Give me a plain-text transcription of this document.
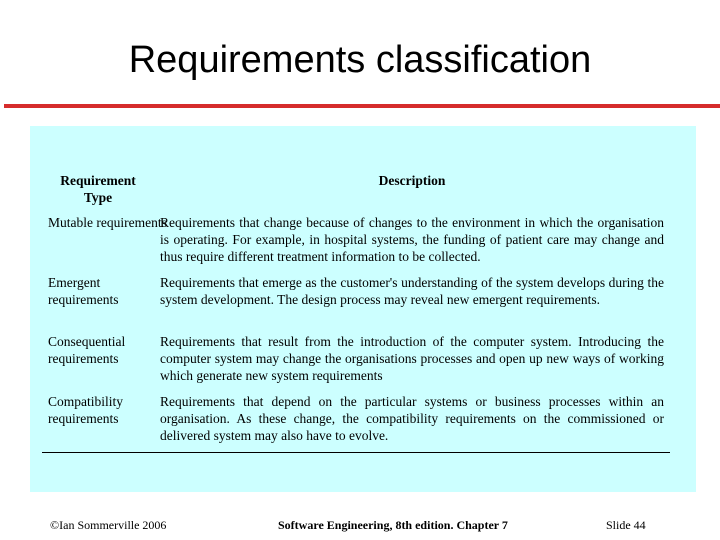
Requirements classification
Requirement Type
Description
Mutable requirements
Requirements that change because of changes to the environment in which the organisation is operating. For example, in hospital systems, the funding of patient care may change and thus require different treatment information to be collected.
Emergent requirements
Requirements that emerge as the customer's understanding of the system develops during the system development. The design process may reveal new emergent requirements.
Consequential requirements
Requirements that result from the introduction of the computer system. Introducing the computer system may change the organisations processes and open up new ways of working which generate new system requirements
Compatibility requirements
Requirements that depend on the particular systems or business processes within an organisation. As these change, the compatibility requirements on the commissioned or delivered system may also have to evolve.
©Ian Sommerville 2006	Software Engineering, 8th edition. Chapter 7	Slide 44
